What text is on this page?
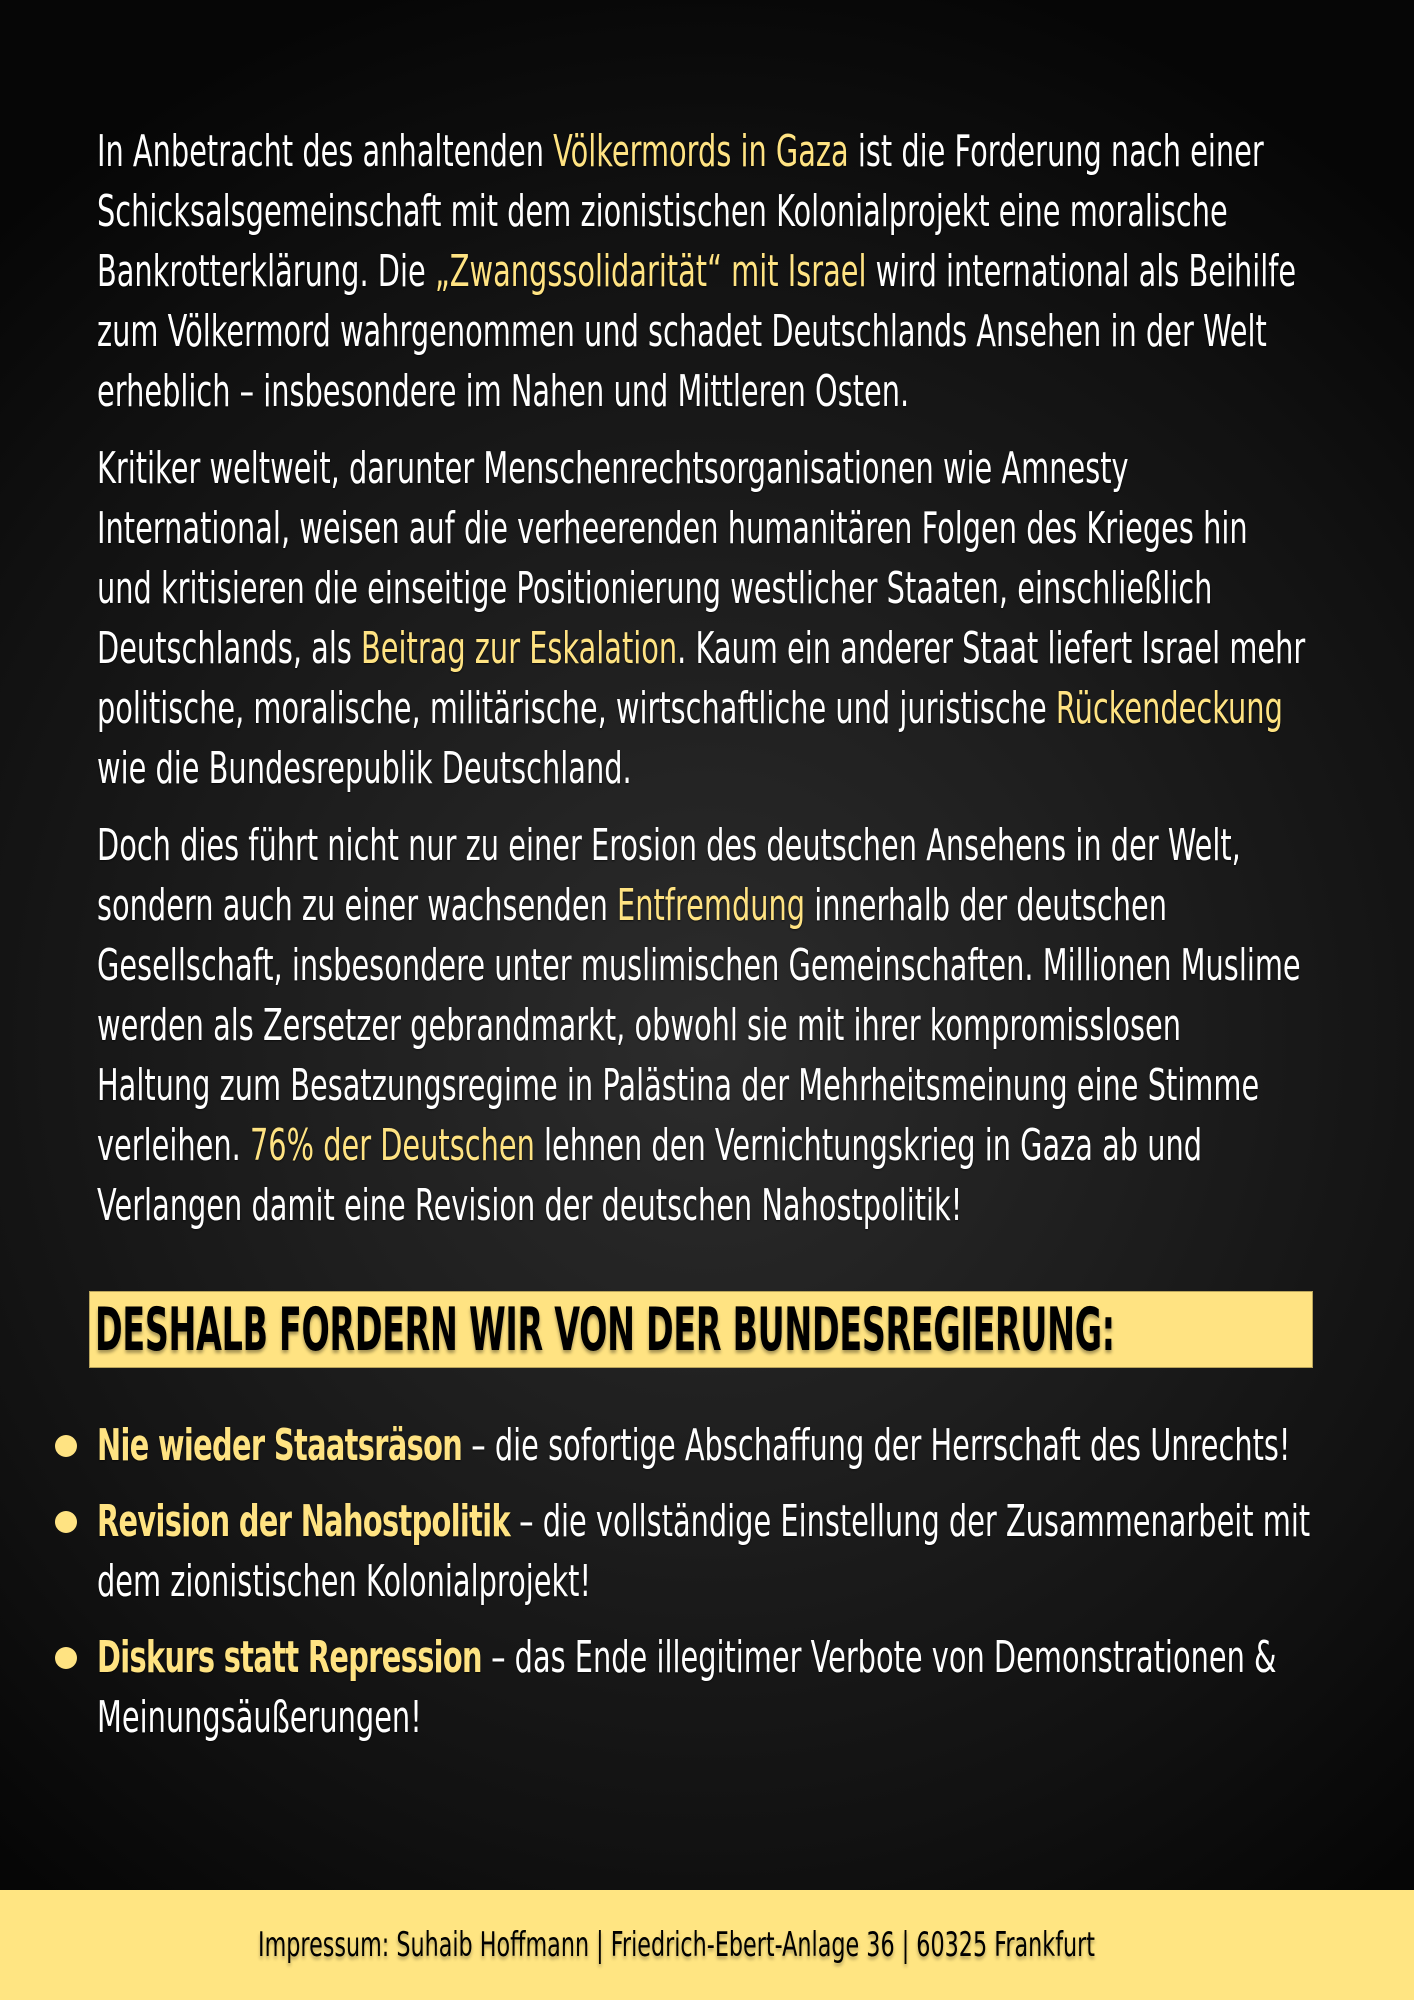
In Anbetracht des anhaltenden Völkermords in Gaza ist die Forderung nach einer
Schicksalsgemeinschaft mit dem zionistischen Kolonialprojekt eine moralische
Bankrotterklärung. Die „Zwangssolidarität“ mit Israel wird international als Beihilfe
zum Völkermord wahrgenommen und schadet Deutschlands Ansehen in der Welt
erheblich – insbesondere im Nahen und Mittleren Osten.
Kritiker weltweit, darunter Menschenrechtsorganisationen wie Amnesty
International, weisen auf die verheerenden humanitären Folgen des Krieges hin
und kritisieren die einseitige Positionierung westlicher Staaten, einschließlich
Deutschlands, als Beitrag zur Eskalation. Kaum ein anderer Staat liefert Israel mehr
politische, moralische, militärische, wirtschaftliche und juristische Rückendeckung
wie die Bundesrepublik Deutschland.
Doch dies führt nicht nur zu einer Erosion des deutschen Ansehens in der Welt,
sondern auch zu einer wachsenden Entfremdung innerhalb der deutschen
Gesellschaft, insbesondere unter muslimischen Gemeinschaften. Millionen Muslime
werden als Zersetzer gebrandmarkt, obwohl sie mit ihrer kompromisslosen
Haltung zum Besatzungsregime in Palästina der Mehrheitsmeinung eine Stimme
verleihen. 76% der Deutschen lehnen den Vernichtungskrieg in Gaza ab und
Verlangen damit eine Revision der deutschen Nahostpolitik!
DESHALB FORDERN WIR VON DER BUNDESREGIERUNG:
Nie wieder Staatsräson – die sofortige Abschaffung der Herrschaft des Unrechts!
Revision der Nahostpolitik – die vollständige Einstellung der Zusammenarbeit mit
dem zionistischen Kolonialprojekt!
Diskurs statt Repression – das Ende illegitimer Verbote von Demonstrationen &
Meinungsäußerungen!
Impressum: Suhaib Hoffmann | Friedrich-Ebert-Anlage 36 | 60325 Frankfurt
